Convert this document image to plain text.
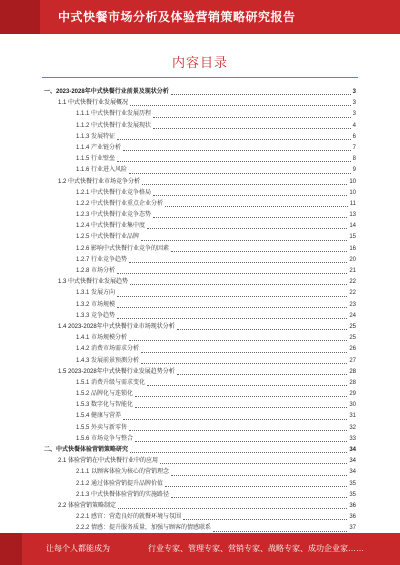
中式快餐市场分析及体验营销策略研究报告
内容目录
一、2023-2028年中式快餐行业前景及现状分析	3
1.1 中式快餐行业发展概况	3
1.1.1 中式快餐行业发展历程	3
1.1.2 中式快餐行业发展现状	4
1.1.3 发展特征	6
1.1.4 产业链分析	7
1.1.5 行业壁垒	8
1.1.6 行业进入风险	9
1.2 中式快餐行业市场竞争分析	10
1.2.1 中式快餐行业竞争格局	10
1.2.2 中式快餐行业重点企业分析	11
1.2.3 中式快餐行业竞争态势	13
1.2.4 中式快餐行业集中度	14
1.2.5 中式快餐行业品牌	15
1.2.6 影响中式快餐行业竞争的因素	16
1.2.7 行业竞争趋势	20
1.2.8 市场分析	21
1.3 中式快餐行业发展趋势	22
1.3.1 发展方向	22
1.3.2 市场规模	23
1.3.3 竞争趋势	24
1.4 2023-2028年中式快餐行业市场现状分析	25
1.4.1 市场规模分析	25
1.4.2 消费市场需求分析	26
1.4.3 发展前景预测分析	27
1.5 2023-2028年中式快餐行业发展趋势分析	28
1.5.1 消费升级与需求变化	28
1.5.2 品牌化与连锁化	29
1.5.3 数字化与智能化	30
1.5.4 健康与营养	31
1.5.5 外卖与新零售	32
1.5.6 市场竞争与整合	33
二、中式快餐体验营销策略研究	34
2.1 体验营销在中式快餐行业中的应用	34
2.1.1 以顾客体验为核心的营销理念	34
2.1.2 通过体验营销提升品牌价值	35
2.1.3 中式快餐体验营销的实施路径	35
2.2 体验营销策略制定	36
2.2.1 感官：营造良好的就餐环境与氛围	36
2.2.2 情感：提升服务质量，加强与顾客的情感联系	37
让每个人都能成为	行业专家、管理专家、营销专家、战略专家、成功企业家……
